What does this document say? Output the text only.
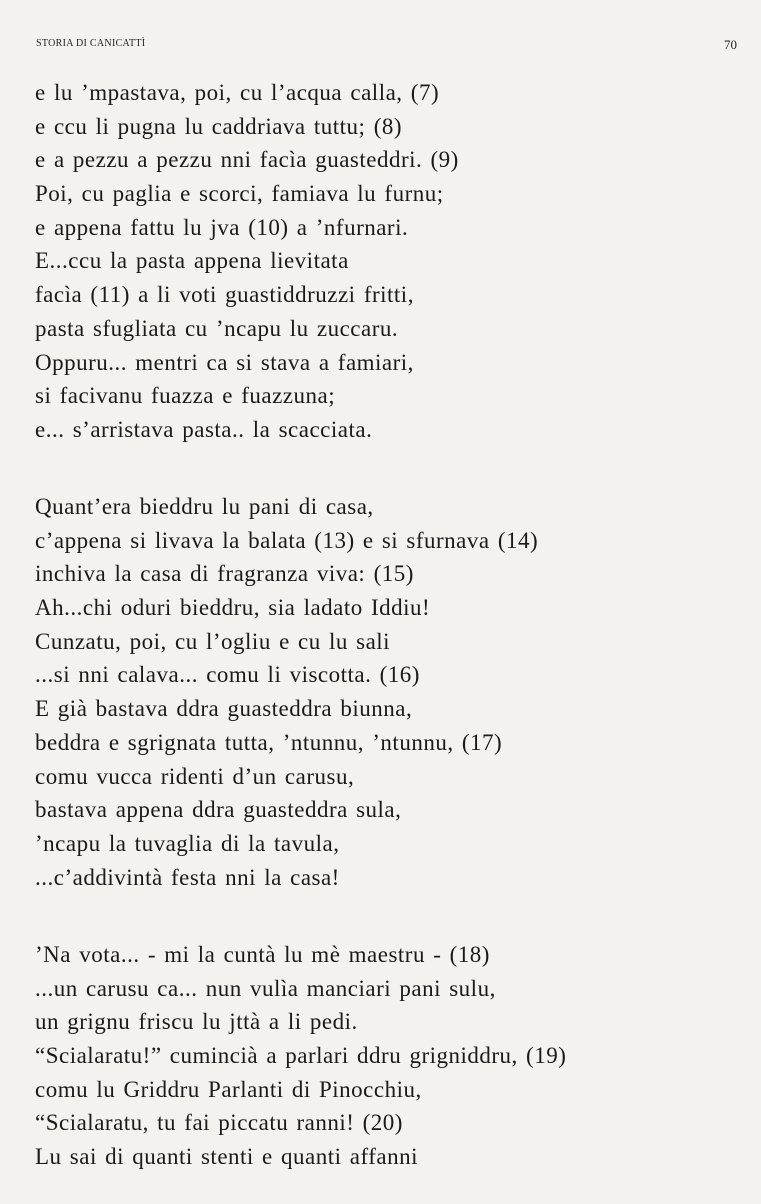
STORIA DI CANICATTÌ	70
e lu ’mpastava, poi, cu l’acqua calla, (7)
e ccu li pugna lu caddriava tuttu; (8)
e a pezzu a pezzu nni facìa guasteddri. (9)
Poi, cu paglia e scorci, famiava lu furnu;
e appena fattu lu jva (10) a ’nfurnari.
E...ccu la pasta appena lievitata
facìa (11) a li voti guastiddruzzi fritti,
pasta sfugliata cu ’ncapu lu zuccaru.
Oppuru... mentri ca si stava a famiari,
si facivanu fuazza e fuazzuna;
e... s’arristava pasta.. la scacciata.
Quant’era bieddru lu pani di casa,
c’appena si livava la balata (13) e si sfurnava (14)
inchiva la casa di fragranza viva: (15)
Ah...chi oduri bieddru, sia ladato Iddiu!
Cunzatu, poi, cu l’ogliu e cu lu sali
...si nni calava... comu li viscotta. (16)
E già bastava ddra guasteddra biunna,
beddra e sgrignata tutta, ’ntunnu, ’ntunnu, (17)
comu vucca ridenti d’un carusu,
bastava appena ddra guasteddra sula,
’ncapu la tuvaglia di la tavula,
...c’addivintà festa nni la casa!
’Na vota... - mi la cuntà lu mè maestru - (18)
...un carusu ca... nun vulìa manciari pani sulu,
un grignu friscu lu jttà a li pedi.
“Scialaratu!” cumincià a parlari ddru grigniddru, (19)
comu lu Griddru Parlanti di Pinocchiu,
“Scialaratu, tu fai piccatu ranni! (20)
Lu sai di quanti stenti e quanti affanni
